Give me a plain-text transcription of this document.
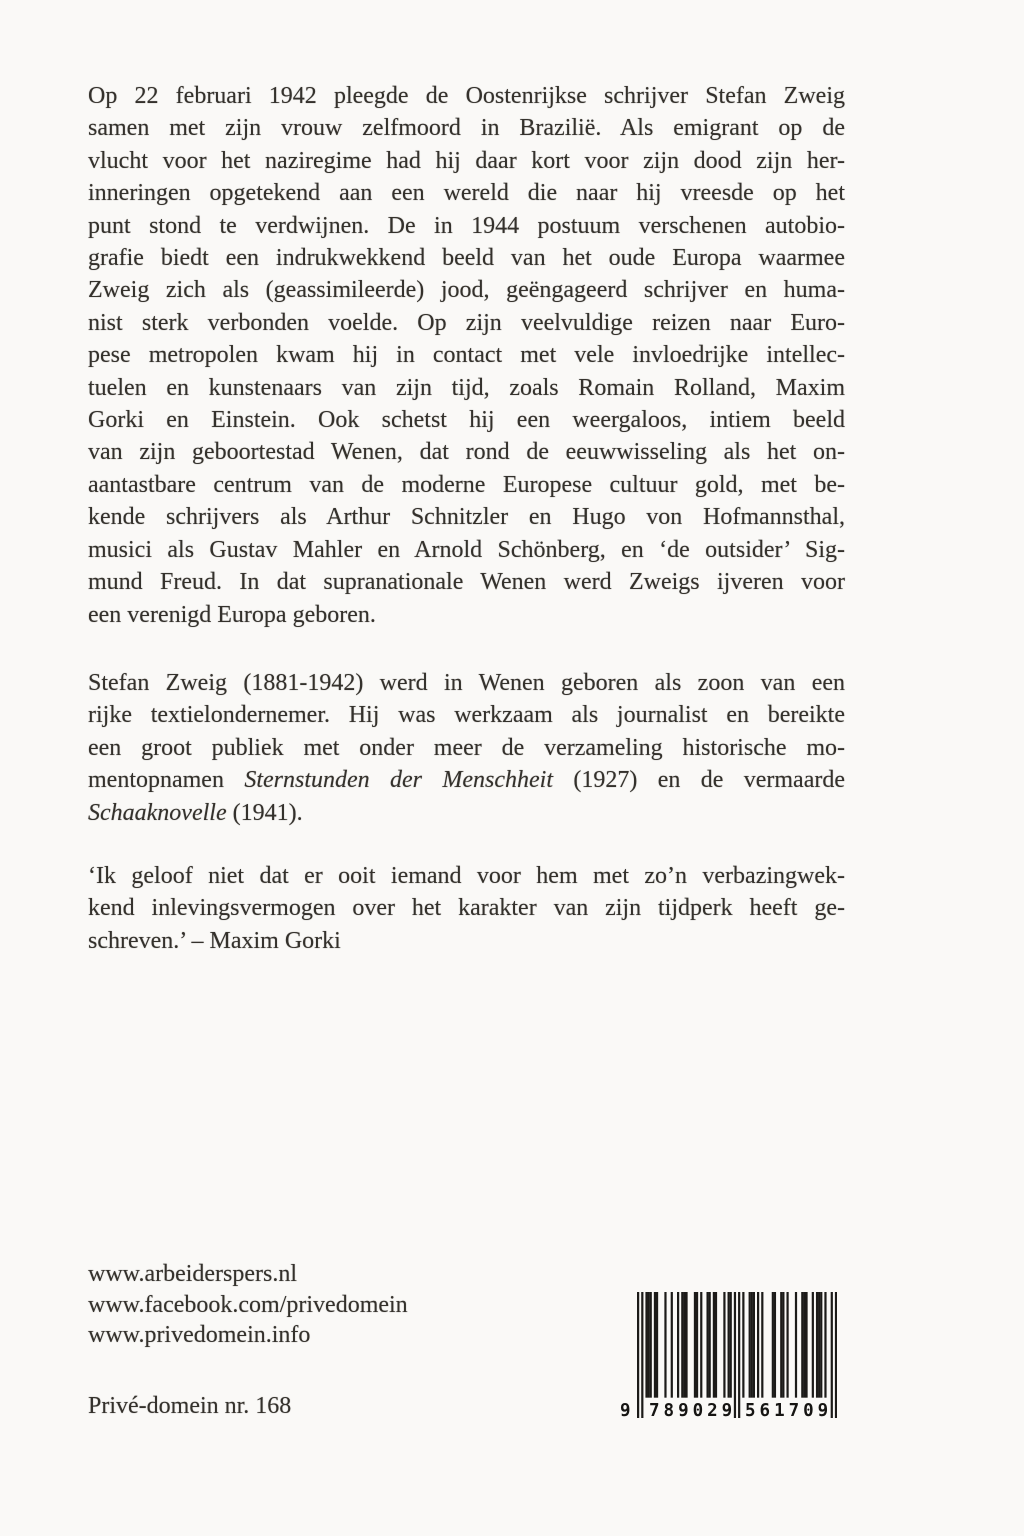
Op 22 februari 1942 pleegde de Oostenrijkse schrijver Stefan Zweig
samen met zijn vrouw zelfmoord in Brazilië. Als emigrant op de
vlucht voor het naziregime had hij daar kort voor zijn dood zijn her-
inneringen opgetekend aan een wereld die naar hij vreesde op het
punt stond te verdwijnen. De in 1944 postuum verschenen autobio-
grafie biedt een indrukwekkend beeld van het oude Europa waarmee
Zweig zich als (geassimileerde) jood, geëngageerd schrijver en huma-
nist sterk verbonden voelde. Op zijn veelvuldige reizen naar Euro-
pese metropolen kwam hij in contact met vele invloedrijke intellec-
tuelen en kunstenaars van zijn tijd, zoals Romain Rolland, Maxim
Gorki en Einstein. Ook schetst hij een weergaloos, intiem beeld
van zijn geboortestad Wenen, dat rond de eeuwwisseling als het on-
aantastbare centrum van de moderne Europese cultuur gold, met be-
kende schrijvers als Arthur Schnitzler en Hugo von Hofmannsthal,
musici als Gustav Mahler en Arnold Schönberg, en ‘de outsider’ Sig-
mund Freud. In dat supranationale Wenen werd Zweigs ijveren voor
een verenigd Europa geboren.
Stefan Zweig (1881-1942) werd in Wenen geboren als zoon van een
rijke textielondernemer. Hij was werkzaam als journalist en bereikte
een groot publiek met onder meer de verzameling historische mo-
mentopnamen Sternstunden der Menschheit (1927) en de vermaarde
Schaaknovelle (1941).
‘Ik geloof niet dat er ooit iemand voor hem met zo’n verbazingwek-
kend inlevingsvermogen over het karakter van zijn tijdperk heeft ge-
schreven.’ – Maxim Gorki
www.arbeiderspers.nl
www.facebook.com/privedomein
www.privedomein.info
Privé-domein nr. 168	9 789029 561709
